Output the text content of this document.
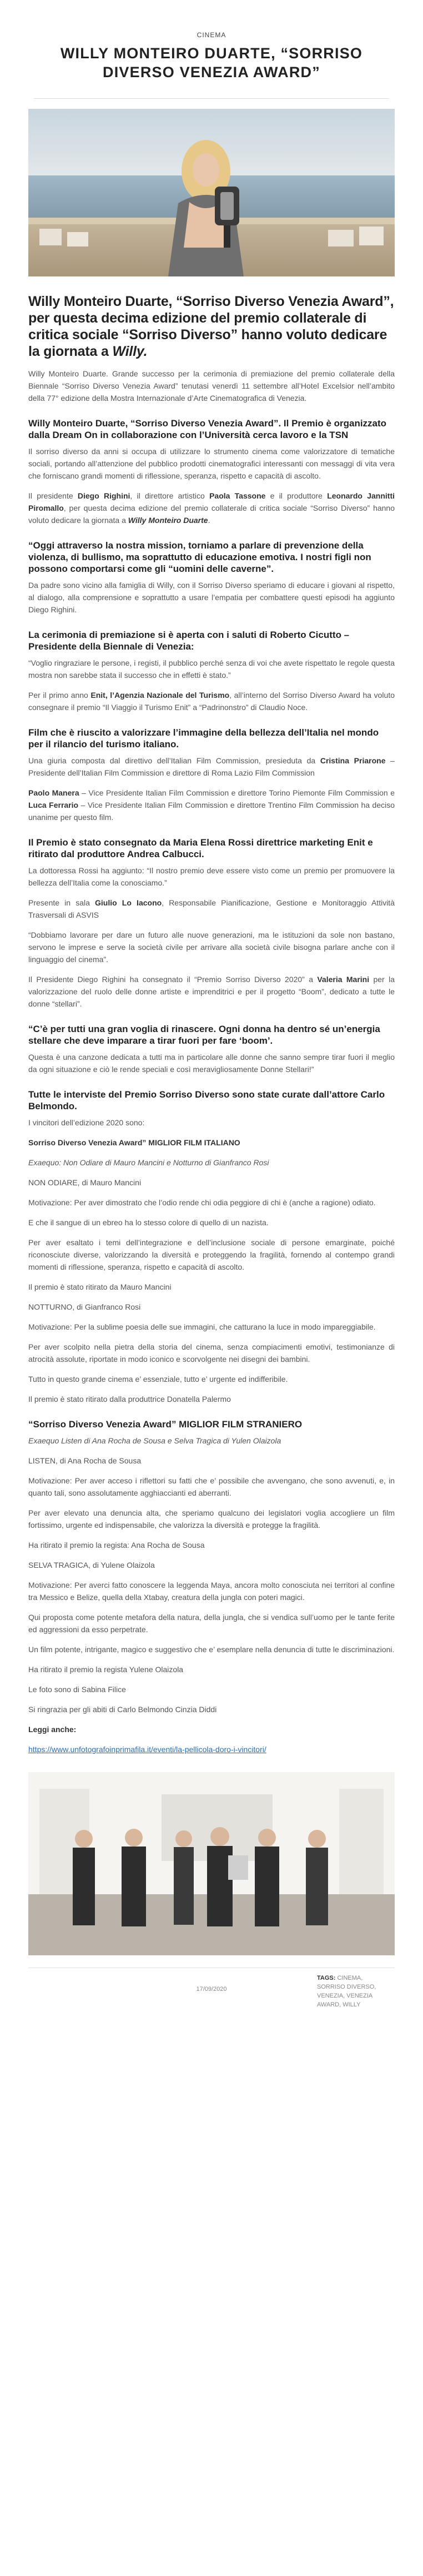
CINEMA
WILLY MONTEIRO DUARTE, “SORRISO DIVERSO VENEZIA AWARD”
Willy Monteiro Duarte, “Sorriso Diverso Venezia Award”, per questa decima edizione del premio collaterale di critica sociale “Sorriso Diverso” hanno voluto dedicare la giornata a Willy.

Willy Monteiro Duarte. Grande successo per la cerimonia di premiazione del premio collaterale della Biennale “Sorriso Diverso Venezia Award” tenutasi venerdì 11 settembre all’Hotel Excelsior nell’ambito della 77° edizione della Mostra Internazionale d’Arte Cinematografica di Venezia.

Willy Monteiro Duarte, “Sorriso Diverso Venezia Award”. Il Premio è organizzato dalla Dream On in collaborazione con l’Università cerca lavoro e la TSN

Il sorriso diverso da anni si occupa di utilizzare lo strumento cinema come valorizzatore di tematiche sociali, portando all’attenzione del pubblico prodotti cinematografici interessanti con messaggi di vita vera che forniscano grandi momenti di riflessione, speranza, rispetto e capacità di ascolto.

Il presidente Diego Righini, il direttore artistico Paola Tassone e il produttore Leonardo Jannitti Piromallo, per questa decima edizione del premio collaterale di critica sociale “Sorriso Diverso” hanno voluto dedicare la giornata a Willy Monteiro Duarte.

“Oggi attraverso la nostra mission, torniamo a parlare di prevenzione della violenza, di bullismo, ma soprattutto di educazione emotiva. I nostri figli non possono comportarsi come gli “uomini delle caverne”.

Da padre sono vicino alla famiglia di Willy, con il Sorriso Diverso speriamo di educare i giovani al rispetto, al dialogo, alla comprensione e soprattutto a usare l’empatia per combattere questi episodi ha aggiunto Diego Righini.

La cerimonia di premiazione si è aperta con i saluti di Roberto Cicutto – Presidente della Biennale di Venezia:

“Voglio ringraziare le persone, i registi, il pubblico perché senza di voi che avete rispettato le regole questa mostra non sarebbe stata il successo che in effetti è stato.”

Per il primo anno Enit, l’Agenzia Nazionale del Turismo, all’interno del Sorriso Diverso Award ha voluto consegnare il premio “Il Viaggio il Turismo Enit” a “Padrinonstro” di Claudio Noce.

Film che è riuscito a valorizzare l’immagine della bellezza dell’Italia nel mondo per il rilancio del turismo italiano.

Una giuria composta dal direttivo dell’Italian Film Commission, presieduta da Cristina Priarone – Presidente dell’Italian Film Commission e direttore di Roma Lazio Film Commission

Paolo Manera – Vice Presidente Italian Film Commission e direttore Torino Piemonte Film Commission e Luca Ferrario – Vice Presidente Italian Film Commission e direttore Trentino Film Commission ha deciso unanime per questo film.

Il Premio è stato consegnato da Maria Elena Rossi direttrice marketing Enit e ritirato dal produttore Andrea Calbucci.

La dottoressa Rossi ha aggiunto: “Il nostro premio deve essere visto come un premio per promuovere la bellezza dell’Italia come la conosciamo.”

Presente in sala Giulio Lo Iacono, Responsabile Pianificazione, Gestione e Monitoraggio Attività Trasversali di ASVIS

“Dobbiamo lavorare per dare un futuro alle nuove generazioni, ma le istituzioni da sole non bastano, servono le imprese e serve la società civile per arrivare alla società civile bisogna parlare anche con il linguaggio del cinema”.

Il Presidente Diego Righini ha consegnato il “Premio Sorriso Diverso 2020” a Valeria Marini per la valorizzazione del ruolo delle donne artiste e imprenditrici e per il progetto “Boom”, dedicato a tutte le donne “stellari”.

“C’è per tutti una gran voglia di rinascere. Ogni donna ha dentro sé un’energia stellare che deve imparare a tirar fuori per fare ‘boom’.

Questa è una canzone dedicata a tutti ma in particolare alle donne che sanno sempre tirar fuori il meglio da ogni situazione e ciò le rende speciali e così meravigliosamente Donne Stellari!”

Tutte le interviste del Premio Sorriso Diverso sono state curate dall’attore Carlo Belmondo.

I vincitori dell’edizione 2020 sono:

Sorriso Diverso Venezia Award” MIGLIOR FILM ITALIANO

Exaequo: Non Odiare di Mauro Mancini e Notturno di Gianfranco Rosi

NON ODIARE, di Mauro Mancini

Motivazione: Per aver dimostrato che l’odio rende chi odia peggiore di chi è (anche a ragione) odiato.

E che il sangue di un ebreo ha lo stesso colore di quello di un nazista.

Per aver esaltato i temi dell’integrazione e dell’inclusione sociale di persone emarginate, poiché riconosciute diverse, valorizzando la diversità e proteggendo la fragilità, fornendo al contempo grandi momenti di riflessione, speranza, rispetto e capacità di ascolto.

Il premio è stato ritirato da Mauro Mancini

NOTTURNO, di Gianfranco Rosi

Motivazione: Per la sublime poesia delle sue immagini, che catturano la luce in modo impareggiabile.

Per aver scolpito nella pietra della storia del cinema, senza compiacimenti emotivi, testimonianze di atrocità assolute, riportate in modo iconico e scorvolgente nei disegni dei bambini.

Tutto in questo grande cinema e’ essenziale, tutto e’ urgente ed indifferibile.

Il premio è stato ritirato dalla produttrice Donatella Palermo

“Sorriso Diverso Venezia Award” MIGLIOR FILM STRANIERO

Exaequo Listen di Ana Rocha de Sousa e Selva Tragica di Yulen Olaizola

LISTEN, di Ana Rocha de Sousa

Motivazione: Per aver acceso i riflettori su fatti che e’ possibile che avvengano, che sono avvenuti, e, in quanto tali, sono assolutamente agghiaccianti ed aberranti.

Per aver elevato una denuncia alta, che speriamo qualcuno dei legislatori voglia accogliere un film fortissimo, urgente ed indispensabile, che valorizza la diversità e protegge la fragilità.

Ha ritirato il premio la regista: Ana Rocha de Sousa

SELVA TRAGICA, di Yulene Olaizola

Motivazione: Per averci fatto conoscere la leggenda Maya, ancora molto conosciuta nei territori al confine tra Messico e Belize, quella della Xtabay, creatura della jungla con poteri magici.

Qui proposta come potente metafora della natura, della jungla, che si vendica sull’uomo per le tante ferite ed aggressioni da esso perpetrate.

Un film potente, intrigante, magico e suggestivo che e’ esemplare nella denuncia di tutte le discriminazioni.

Ha ritirato il premio la regista Yulene Olaizola

Le foto sono di Sabina Filice

Si ringrazia per gli abiti di Carlo Belmondo Cinzia Diddi

Leggi anche:

https://www.unfotografoinprimafila.it/eventi/la-pellicola-doro-i-vincitori/

17/09/2020
TAGS: CINEMA,
SORRISO DIVERSO,
VENEZIA, VENEZIA
AWARD, WILLY
